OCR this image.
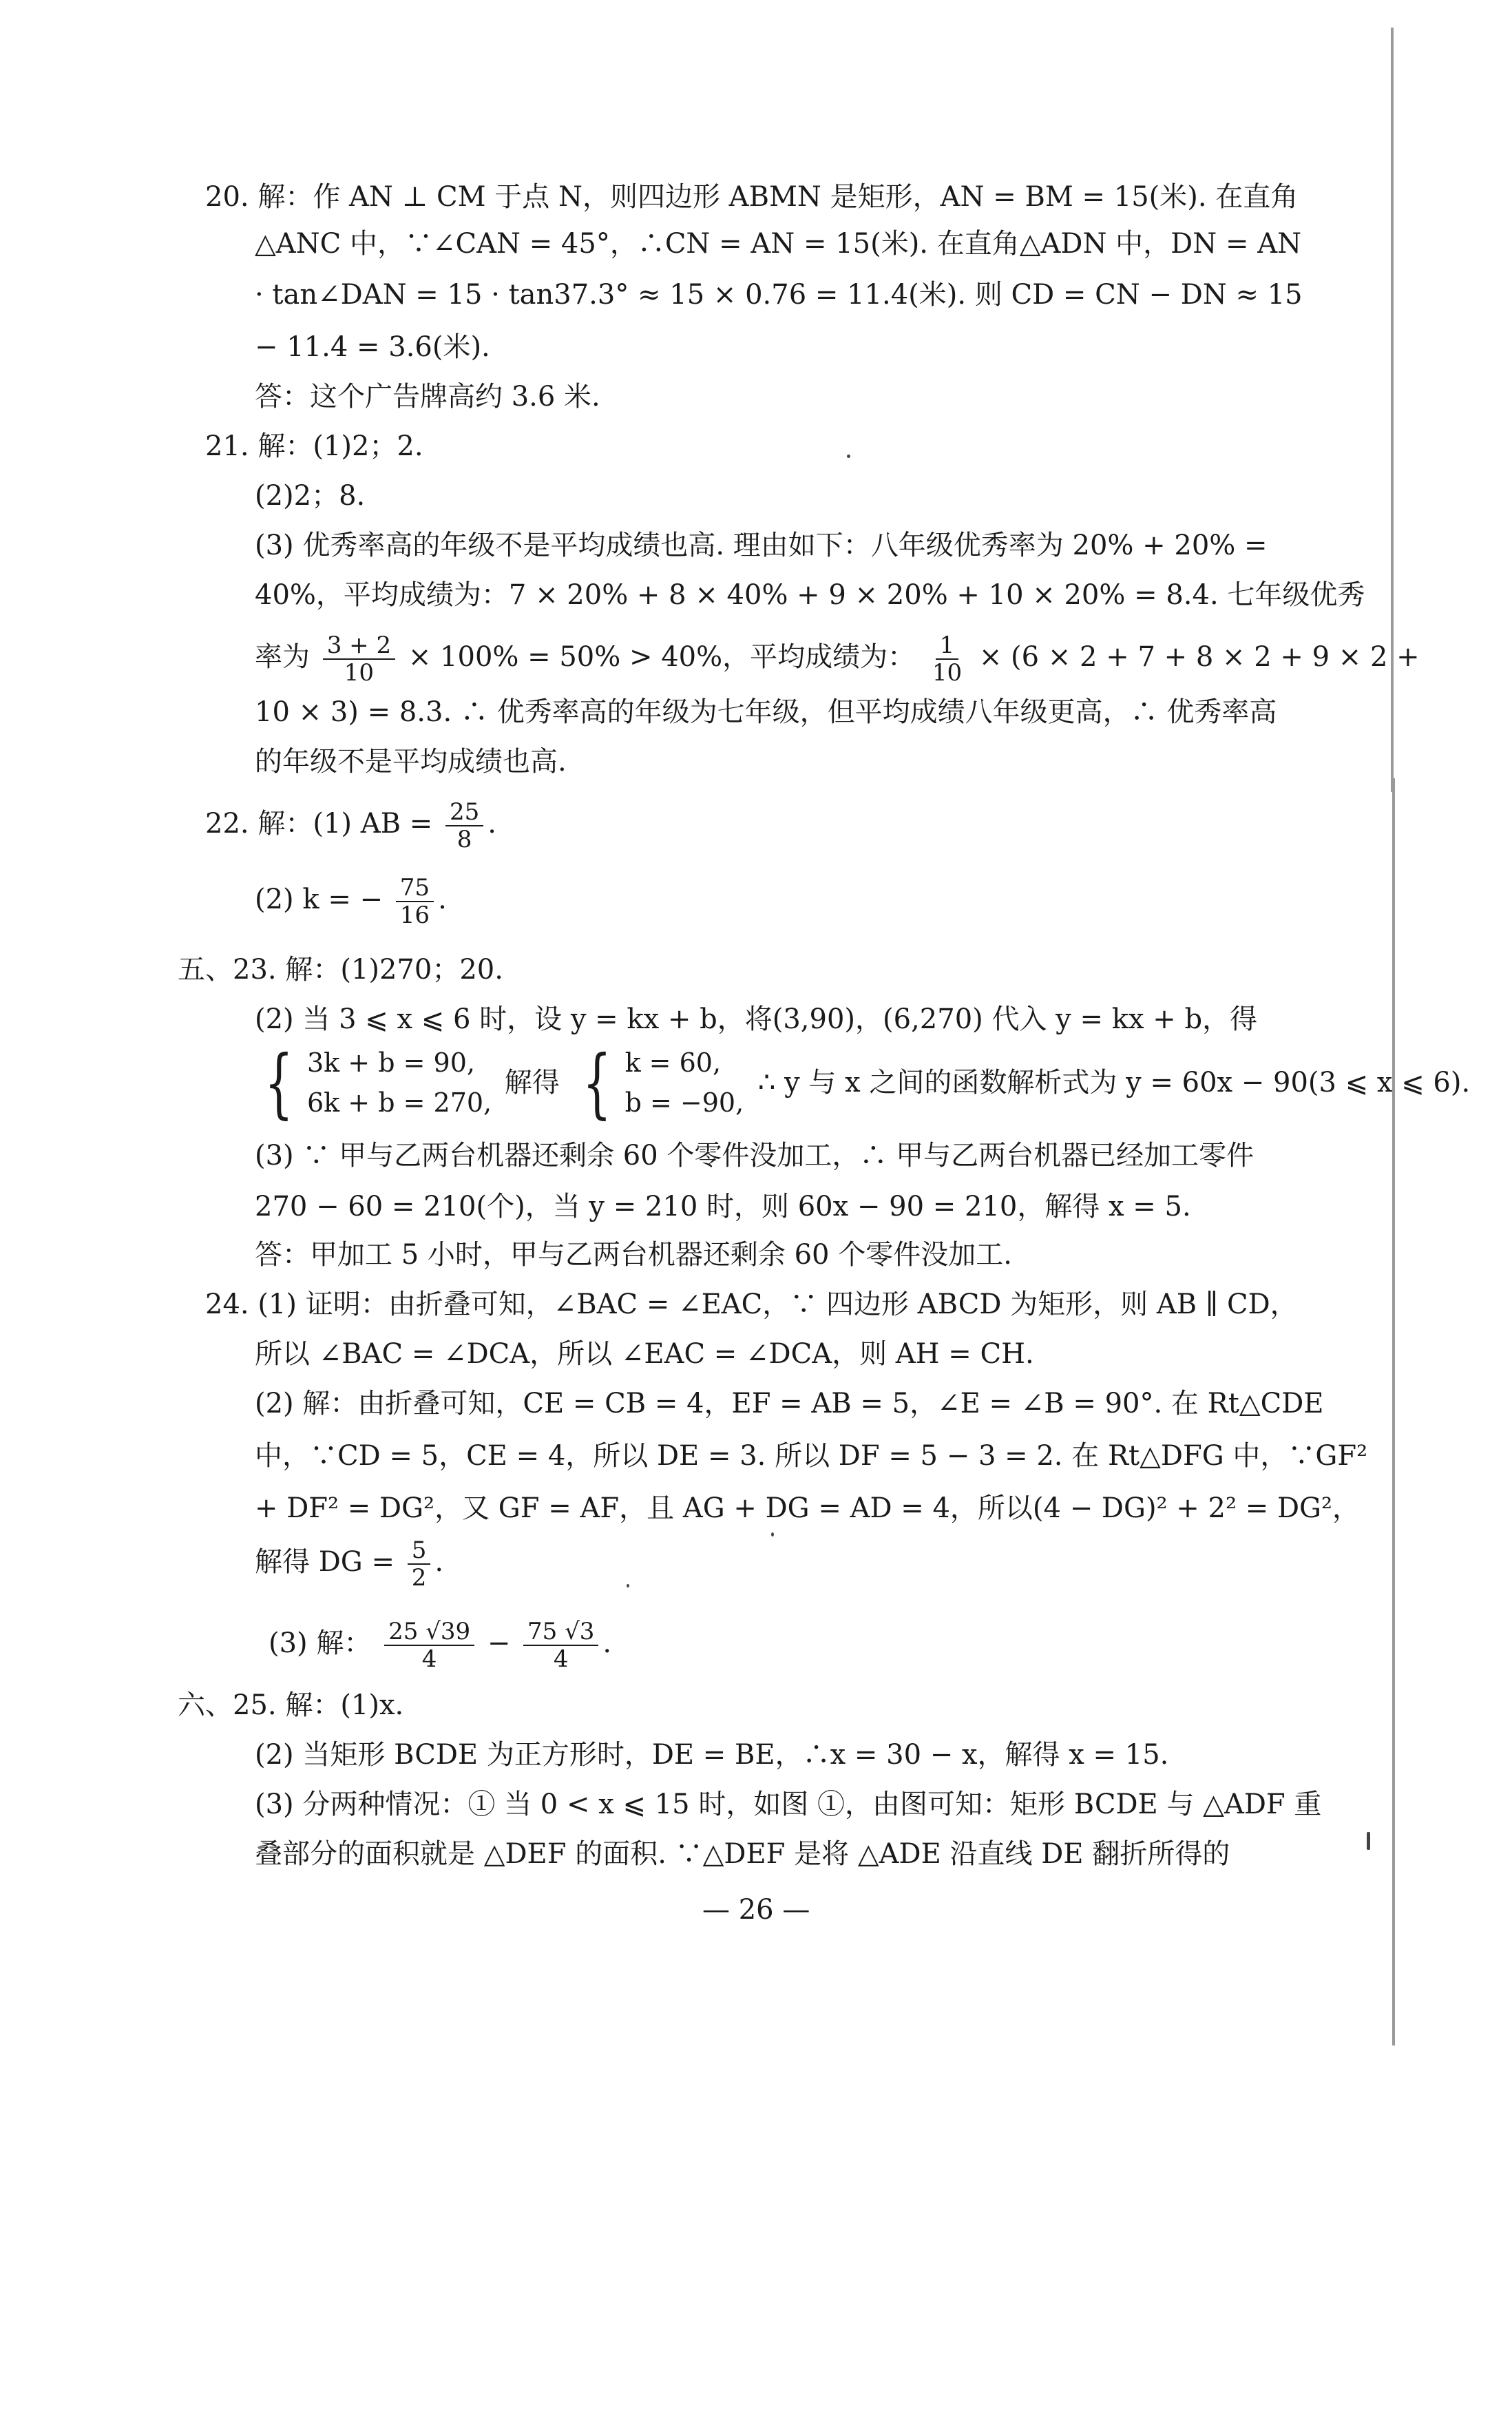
20. 解：作 AN ⊥ CM 于点 N，则四边形 ABMN 是矩形，AN = BM = 15(米). 在直角
△ANC 中，∵∠CAN = 45°，∴CN = AN = 15(米). 在直角△ADN 中，DN = AN
· tan∠DAN = 15 · tan37.3° ≈ 15 × 0.76 = 11.4(米). 则 CD = CN − DN ≈ 15
− 11.4 = 3.6(米).
答：这个广告牌高约 3.6 米.
21. 解：(1)2；2.
(2)2；8.
(3) 优秀率高的年级不是平均成绩也高. 理由如下：八年级优秀率为 20% + 20% =
40%，平均成绩为：7 × 20% + 8 × 40% + 9 × 20% + 10 × 20% = 8.4. 七年级优秀
率为 $\frac{3 + 2}{10} \times 100\% = 50\% > 40\%$，平均成绩为： $\frac{1}{10} \times (6 \times 2 + 7 + 8 \times 2 + 9 \times 2$ +
10 × 3) = 8.3. ∴ 优秀率高的年级为七年级，但平均成绩八年级更高，∴ 优秀率高
的年级不是平均成绩也高.
22. 解：(1) AB = $\frac{25}{8}$ .
(2) k = − $\frac{75}{16}$ .
五、23. 解：(1)270；20.
(2) 当 3 ⩽ x ⩽ 6 时，设 y = kx + b，将(3,90)，(6,270) 代入 y = kx + b，得
{ 3k + b = 90,
6k + b = 270,
解得 { k = 60,
b = −90,
∴ y 与 x 之间的函数解析式为 y = 60x − 90(3 ⩽ x ⩽ 6).
(3) ∵ 甲与乙两台机器还剩余 60 个零件没加工，∴ 甲与乙两台机器已经加工零件
270 − 60 = 210(个)，当 y = 210 时，则 60x − 90 = 210，解得 x = 5.
答：甲加工 5 小时，甲与乙两台机器还剩余 60 个零件没加工.
24. (1) 证明：由折叠可知，∠BAC = ∠EAC，∵ 四边形 ABCD 为矩形，则 AB ∥ CD，
所以 ∠BAC = ∠DCA，所以 ∠EAC = ∠DCA，则 AH = CH.
(2) 解：由折叠可知，CE = CB = 4，EF = AB = 5，∠E = ∠B = 90°. 在 Rt△CDE
中，∵CD = 5，CE = 4，所以 DE = 3. 所以 DF = 5 − 3 = 2. 在 Rt△DFG 中，∵GF²
+ DF² = DG²，又 GF = AF，且 AG + DG = AD = 4，所以(4 − DG)² + 2² = DG²，
解得 DG = $\frac{5}{2}$ .
(3) 解： $\frac{25 √39}{4} - \frac{75 √3}{4}$ .
六、25. 解：(1)x.
(2) 当矩形 BCDE 为正方形时，DE = BE，∴x = 30 − x，解得 x = 15.
(3) 分两种情况：① 当 0 < x ⩽ 15 时，如图 ①，由图可知：矩形 BCDE 与 △ADF 重
叠部分的面积就是 △DEF 的面积. ∵△DEF 是将 △ADE 沿直线 DE 翻折所得的
— 26 —
